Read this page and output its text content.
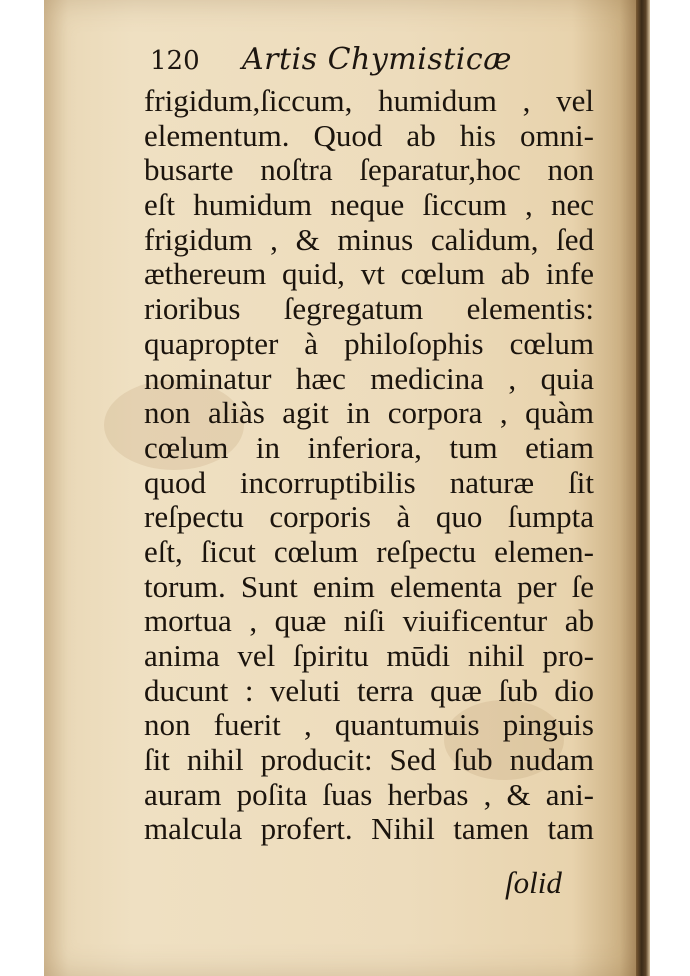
120 Artis Chymisticæ
frigidum,ſiccum, humidum , vel
elementum. Quod ab his omni-
busarte noſtra ſeparatur,hoc non
eſt humidum neque ſiccum , nec
frigidum , & minus calidum, ſed
æthereum quid, vt cœlum ab infe
rioribus ſegregatum elementis:
quapropter à philoſophis cœlum
nominatur hæc medicina , quia
non aliàs agit in corpora , quàm
cœlum in inferiora, tum etiam
quod incorruptibilis naturæ ſit
reſpectu corporis à quo ſumpta
eſt, ſicut cœlum reſpectu elemen-
torum. Sunt enim elementa per ſe
mortua , quæ niſi viuificentur ab
anima vel ſpiritu mūdi nihil pro-
ducunt : veluti terra quæ ſub dio
non fuerit , quantumuis pinguis
ſit nihil producit: Sed ſub nudam
auram poſita ſuas herbas , & ani-
malcula profert. Nihil tamen tam
ſolid
